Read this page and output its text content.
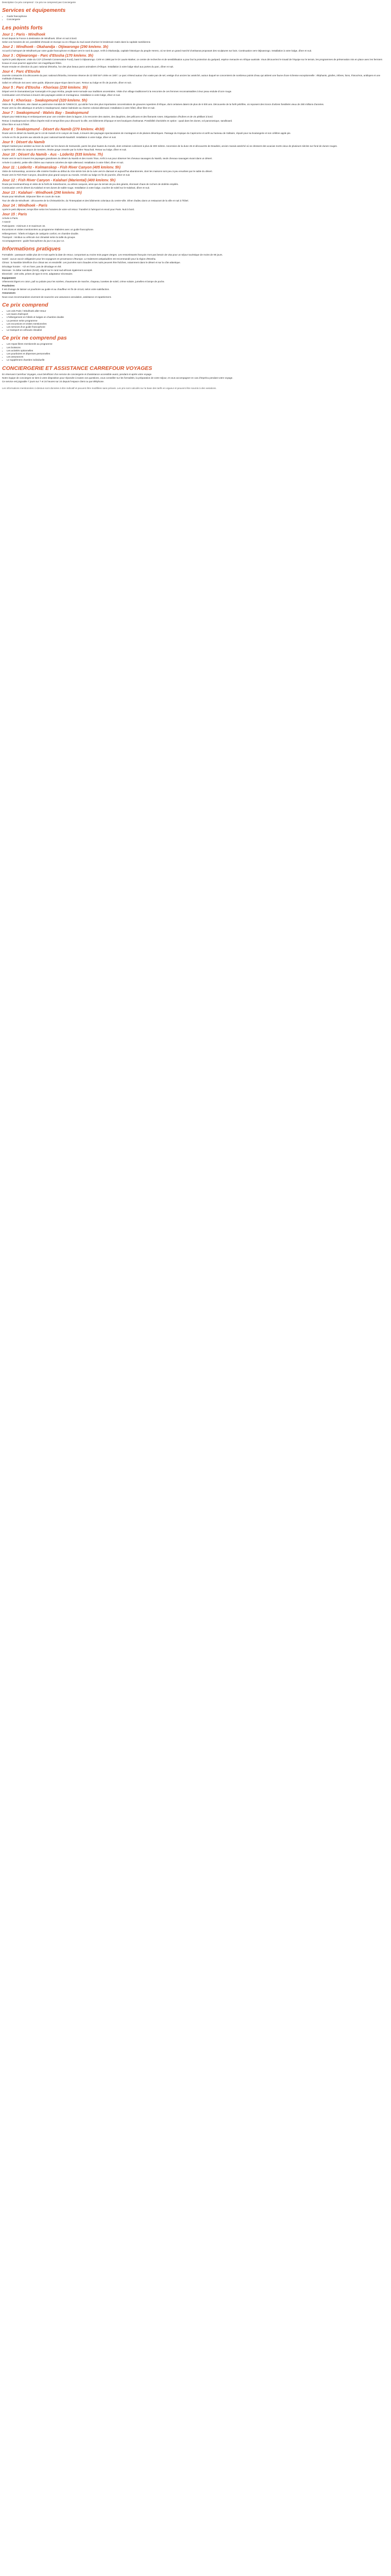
Description Ce prix comprend : Ce prix ne comprend pas Conciergerie

Services et équipements
• Guide francophone
• Conciergerie
Les points forts
Jour 1 : Paris - Windhoek

Envol depuis la France à destination de Windhoek. Dîner et nuit à bord.

Selon vos horaires de vol, possibilité d'escale en Europe ou en Afrique du Sud avant d'arriver le lendemain matin dans la capitale namibienne.

Jour 2 : Windhoek - Okahandja - Otjiwarongo (290 km/env. 3h)

Accueil à l'aéroport de Windhoek par votre guide francophone et départ vers le nord du pays. Arrêt à Okahandja, capitale historique du peuple Herero, où se tient un grand marché d'artisanat proposant des sculptures sur bois. Continuation vers Otjiwarongo. Installation à votre lodge, dîner et nuit.

Jour 3 : Otjiwarongo - Parc d'Etosha (170 km/env. 3h)

Après le petit déjeuner, visite du CCF (Cheetah Conservation Fund), basé à Otjiwarongo. Créé en 1990 par le Dr Laurie Marker, ce centre de recherche et de sensibilisation a pour but la protection du guépard, espèce menacée en Afrique australe. Vous découvrirez le travail de l'équipe sur le terrain, les programmes de préservation mis en place avec les fermiers locaux et vous pourrez approcher ces magnifiques félins.

Route ensuite en direction du parc national d'Etosha, l'un des plus beaux parcs animaliers d'Afrique. Installation à votre lodge situé aux portes du parc, dîner et nuit.

Jour 4 : Parc d'Etosha

Journée consacrée à la découverte du parc national d'Etosha, immense réserve de 22 000 km² créée en 1907. Le parc s'étend autour d'un vaste pan de sel, vestige d'un ancien lac asséché, autour duquel se concentrent de nombreux points d'eau qui attirent une faune d'une richesse exceptionnelle : éléphants, girafes, zèbres, lions, rhinocéros, antilopes et une multitude d'oiseaux.

Safari en véhicule 4x4 avec votre guide, déjeuner pique-nique dans le parc. Retour au lodge en fin de journée, dîner et nuit.

Jour 5 : Parc d'Etosha - Khorixas (230 km/env. 3h)

Départ vers le Damaraland par Kamanjab et le pays Himba, peuple semi-nomade aux traditions ancestrales. Visite d'un village traditionnel à la rencontre de ces femmes reconnaissables à leur peau enduite d'ocre rouge.

Continuation vers Khorixas à travers des paysages arides et montagneux. Installation à votre lodge, dîner et nuit.

Jour 6 : Khorixas - Swakopmund (320 km/env. 5h)

Visite de Twyfelfontein, site classé au patrimoine mondial de l'UNESCO, qui abrite l'une des plus importantes concentrations de gravures rupestres d'Afrique, dont certaines datent de plus de 6 000 ans. Découverte de la forêt pétrifiée, où reposent des troncs d'arbres fossilisés vieux de 280 millions d'années.

Route vers la côte atlantique et arrivée à Swakopmund, station balnéaire au charme colonial allemand. Installation à votre hôtel, dîner libre et nuit.

Jour 7 : Swakopmund - Walvis Bay - Swakopmund

Départ pour Walvis Bay et embarquement pour une croisière dans la lagune, à la rencontre des otaries, des dauphins, des pélicans et des flamants roses. Dégustation d'huîtres et de vin pétillant à bord.

Retour à Swakopmund en début d'après-midi et temps libre pour découvrir la ville, ses bâtiments d'époque et ses boutiques d'artisanat. Possibilité d'activités en option : quad dans les dunes, vol panoramique, sandboard.

Dîner libre et nuit à l'hôtel.

Jour 8 : Swakopmund - Désert du Namib (270 km/env. 4h30)

Route vers le désert du Namib par le col de Kuiseb et le canyon de Gaub, à travers des paysages spectaculaires de montagnes et de plaines désertiques. Passage du tropique du Capricorne et arrêt au hameau de Solitaire, réputé pour sa boulangerie et son célèbre apple pie.

Arrivée en fin de journée aux abords du parc national Namib-Naukluft. Installation à votre lodge, dîner et nuit.

Jour 9 : Désert du Namib

Départ matinal pour assister au lever du soleil sur les dunes de Sossusvlei, parmi les plus hautes du monde, dont certaines culminent à plus de 300 mètres. Ascension de la dune 45 et découverte de Deadvlei, ancien marais asséché où se dressent des acacias morts vieux de plusieurs siècles sur fond de dunes rouges.

L'après-midi, visite du canyon de Sesriem, étroite gorge creusée par la rivière Tsauchab. Retour au lodge, dîner et nuit.

Jour 10 : Désert du Namib - Aus - Lüderitz (535 km/env. 7h)

Route vers le sud à travers les paysages grandioses du désert du Namib et des monts Tiras. Arrêt à Aus pour observer les chevaux sauvages du Namib, seuls chevaux sauvages vivant dans un désert.

Arrivée à Lüderitz, petite ville côtière aux maisons colorées de style allemand. Installation à votre hôtel, dîner et nuit.

Jour 11 : Lüderitz - Kolmanskop - Fish River Canyon (405 km/env. 5h)

Visite de Kolmanskop, ancienne ville minière fondée au début du XXe siècle lors de la ruée vers le diamant et aujourd'hui abandonnée, dont les maisons sont peu à peu envahies par le sable du désert.

Route vers le Fish River Canyon, deuxième plus grand canyon au monde. Arrivée au lodge en fin de journée, dîner et nuit.

Jour 12 : Fish River Canyon - Kalahari (Mariental) (400 km/env. 5h)

Route par Keetmanshoop et visite de la forêt de Kokerbooms, ou arbres carquois, ainsi que du terrain de jeu des géants, étonnant chaos de rochers de dolérite empilés.

Continuation vers le désert du Kalahari et ses dunes de sable rouge. Installation à votre lodge, coucher de soleil sur le Kalahari, dîner et nuit.

Jour 13 : Kalahari - Windhoek (290 km/env. 3h)

Route pour Windhoek. Déjeuner libre en cours de route.

Tour de ville de Windhoek : découverte de la Christuskirche, du Tintenpalast et des bâtiments coloniaux du centre-ville. Dîner d'adieu dans un restaurant de la ville et nuit à l'hôtel.

Jour 14 : Windhoek - Paris

Après le petit déjeuner, temps libre selon les horaires de votre vol retour. Transfert à l'aéroport et envol pour Paris. Nuit à bord.

Jour 15 : Paris

Arrivée à Paris.

A savoir

Participants : minimum 2 et maximum 16.

Excursions et visites mentionnées au programme réalisées avec un guide francophone.

Hébergement : hôtels et lodges de catégorie confort, en chambre double.

Transport : minibus ou véhicule 4x4 climatisé selon la taille du groupe.

Accompagnement : guide francophone du jour 2 au jour 14.

Informations pratiques

Formalités : passeport valide plus de 6 mois après la date de retour, comportant au moins trois pages vierges. Les ressortissants français n'ont pas besoin de visa pour un séjour touristique de moins de 90 jours.

Santé : aucun vaccin obligatoire pour les voyageurs en provenance d'Europe. Le traitement antipaludéen est recommandé pour la région d'Etosha.

Climat : la Namibie bénéficie d'un climat sec et ensoleillé. Les journées sont chaudes et les nuits peuvent être fraîches, notamment dans le désert et sur la côte atlantique.

Décalage horaire : +1h en hiver, pas de décalage en été.

Monnaie : le dollar namibien (NAD), aligné sur le rand sud-africain également accepté.

Electricité : 220 volts, prises de type D et M, adaptateur nécessaire.

Equipement

Vêtements légers en coton, pull ou polaire pour les soirées, chaussures de marche, chapeau, lunettes de soleil, crème solaire, jumelles et lampe de poche.

Pourboires

Il est d'usage de laisser un pourboire au guide et au chauffeur en fin de circuit, selon votre satisfaction.

Assurances

Nous vous recommandons vivement de souscrire une assurance annulation, assistance et rapatriement.

Ce prix comprend
• Les vols Paris / Windhoek aller-retour
• Les taxes d'aéroport
• L'hébergement en hôtels et lodges en chambre double
• La pension selon programme
• Les excursions et visites mentionnées
• Les services d'un guide francophone
• Le transport en véhicule climatisé
Ce prix ne comprend pas
• Les repas libres mentionnés au programme
• Les boissons
• Les activités optionnelles
• Les pourboires et dépenses personnelles
• Les assurances
• Le supplément chambre individuelle
CONCIERGERIE ET ASSISTANCE CARREFOUR VOYAGES

En réservant Carrefour Voyages, vous bénéficiez d'un service de conciergerie et d'assistance accessible avant, pendant et après votre voyage.

Notre équipe de concierges se tient à votre disposition pour répondre à toutes vos questions, vous conseiller sur les formalités, la préparation de votre séjour, et vous accompagner en cas d'imprévu pendant votre voyage.

Ce service est joignable 7 jours sur 7 et 24 heures sur 24 depuis l'espace client ou par téléphone.

Les informations mentionnées ci-dessus sont données à titre indicatif et peuvent être modifiées sans préavis. Les prix sont calculés sur la base des tarifs en vigueur et peuvent être soumis à des variations.
